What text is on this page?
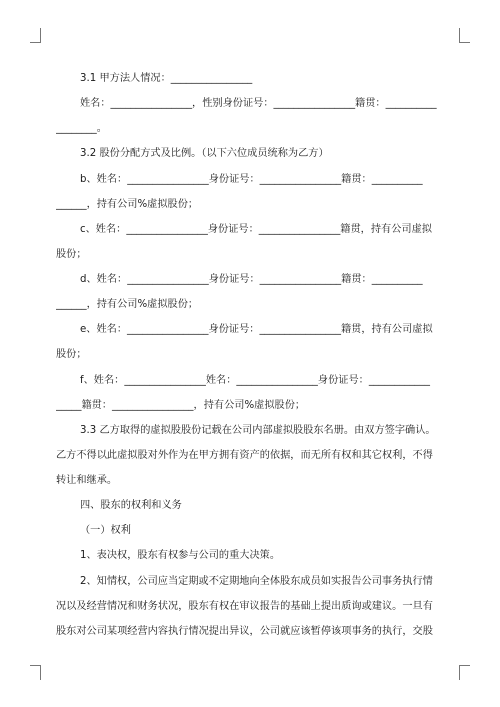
3.1 甲方法人情况：________________
姓名：________________，性别身份证号：________________籍贯：__________
________。
3.2 股份分配方式及比例。（以下六位成员统称为乙方）
b、姓名：________________身份证号：________________籍贯：__________
______，持有公司%虚拟股份；
c、姓名：________________身份证号：________________籍贯，持有公司虚拟
股份；
d、姓名：________________身份证号：________________籍贯：__________
______，持有公司%虚拟股份；
e、姓名：________________身份证号：________________籍贯，持有公司虚拟
股份；
f、姓名：________________姓名：________________身份证号：____________
_____籍贯：________________，持有公司%虚拟股份；
3.3 乙方取得的虚拟股股份记载在公司内部虚拟股股东名册。由双方签字确认。
乙方不得以此虚拟股对外作为在甲方拥有资产的依据，而无所有权和其它权利，不得
转让和继承。
四、股东的权利和义务
（一）权利
1、表决权，股东有权参与公司的重大决策。
2、知情权，公司应当定期或不定期地向全体股东成员如实报告公司事务执行情
况以及经营情况和财务状况，股东有权在审议报告的基础上提出质询或建议。一旦有
股东对公司某项经营内容执行情况提出异议，公司就应该暂停该项事务的执行，交股
